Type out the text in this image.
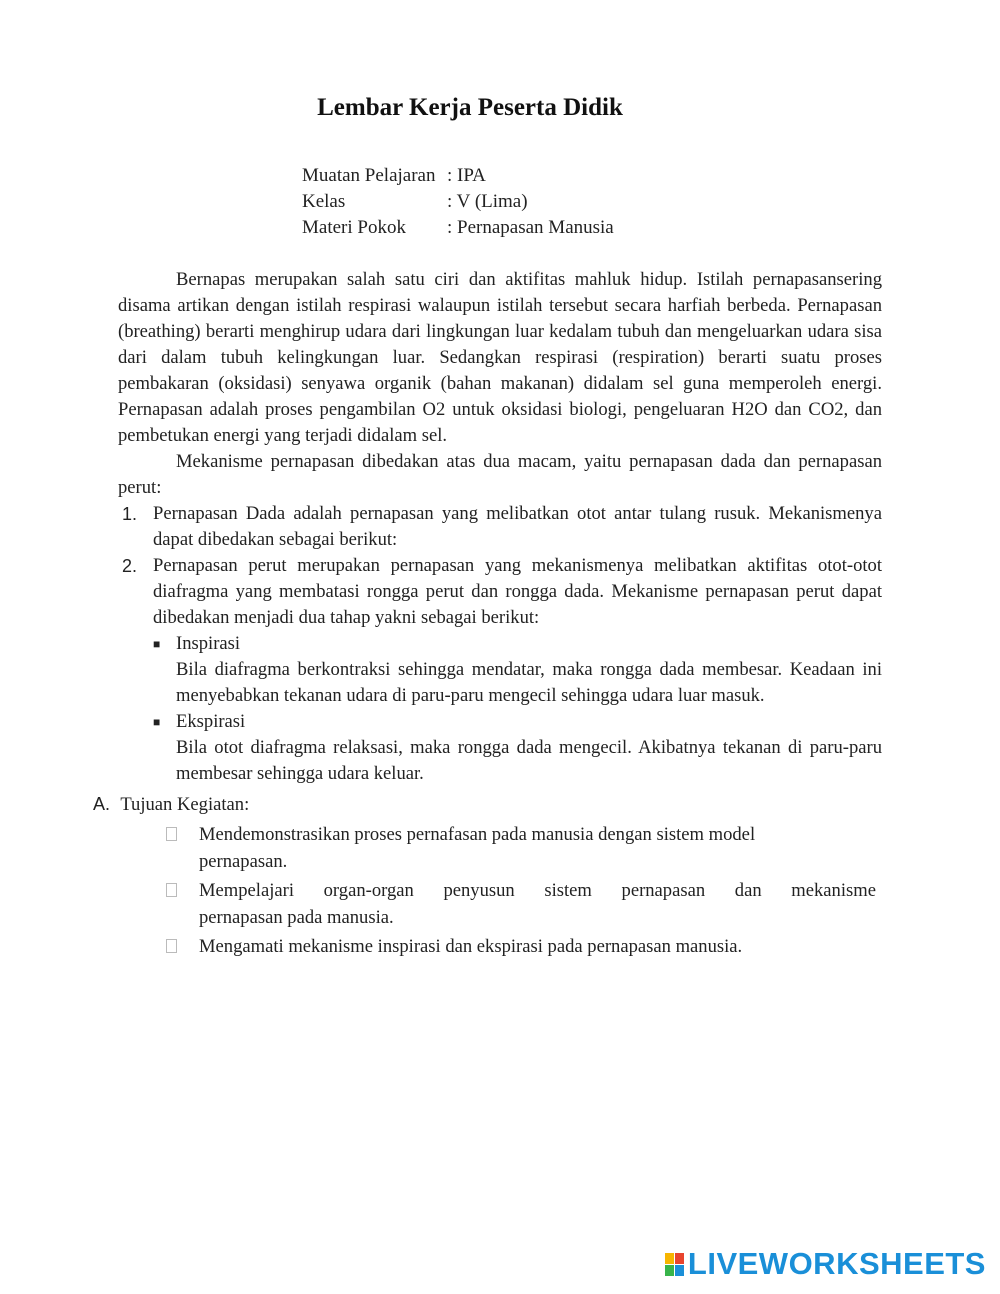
Lembar Kerja Peserta Didik
Muatan Pelajaran : IPA
Kelas	: V (Lima)
Materi Pokok	: Pernapasan Manusia

Bernapas merupakan salah satu ciri dan aktifitas mahluk hidup. Istilah pernapasansering disama artikan dengan istilah respirasi walaupun istilah tersebut secara harfiah berbeda. Pernapasan (breathing) berarti menghirup udara dari lingkungan luar kedalam tubuh dan mengeluarkan udara sisa dari dalam tubuh kelingkungan luar. Sedangkan respirasi (respiration) berarti suatu proses pembakaran (oksidasi) senyawa organik (bahan makanan) didalam sel guna memperoleh energi. Pernapasan adalah proses pengambilan O2 untuk oksidasi biologi, pengeluaran H2O dan CO2, dan pembetukan energi yang terjadi didalam sel.

Mekanisme pernapasan dibedakan atas dua macam, yaitu pernapasan dada dan pernapasan perut:

1. Pernapasan Dada adalah pernapasan yang melibatkan otot antar tulang rusuk. Mekanismenya dapat dibedakan sebagai berikut:
2. Pernapasan perut merupakan pernapasan yang mekanismenya melibatkan aktifitas otot-otot diafragma yang membatasi rongga perut dan rongga dada. Mekanisme pernapasan perut dapat dibedakan menjadi dua tahap yakni sebagai berikut:
■ Inspirasi
Bila diafragma berkontraksi sehingga mendatar, maka rongga dada membesar. Keadaan ini menyebabkan tekanan udara di paru-paru mengecil sehingga udara luar masuk.
■ Ekspirasi
Bila otot diafragma relaksasi, maka rongga dada mengecil. Akibatnya tekanan di paru-paru membesar sehingga udara keluar.
A. Tujuan Kegiatan:
Mendemonstrasikan proses pernafasan pada manusia dengan sistem model
pernapasan.
Mempelajari organ-organ penyusun sistem pernapasan dan mekanisme
pernapasan pada manusia.
Mengamati mekanisme inspirasi dan ekspirasi pada pernapasan manusia.
LIVEWORKSHEETS
